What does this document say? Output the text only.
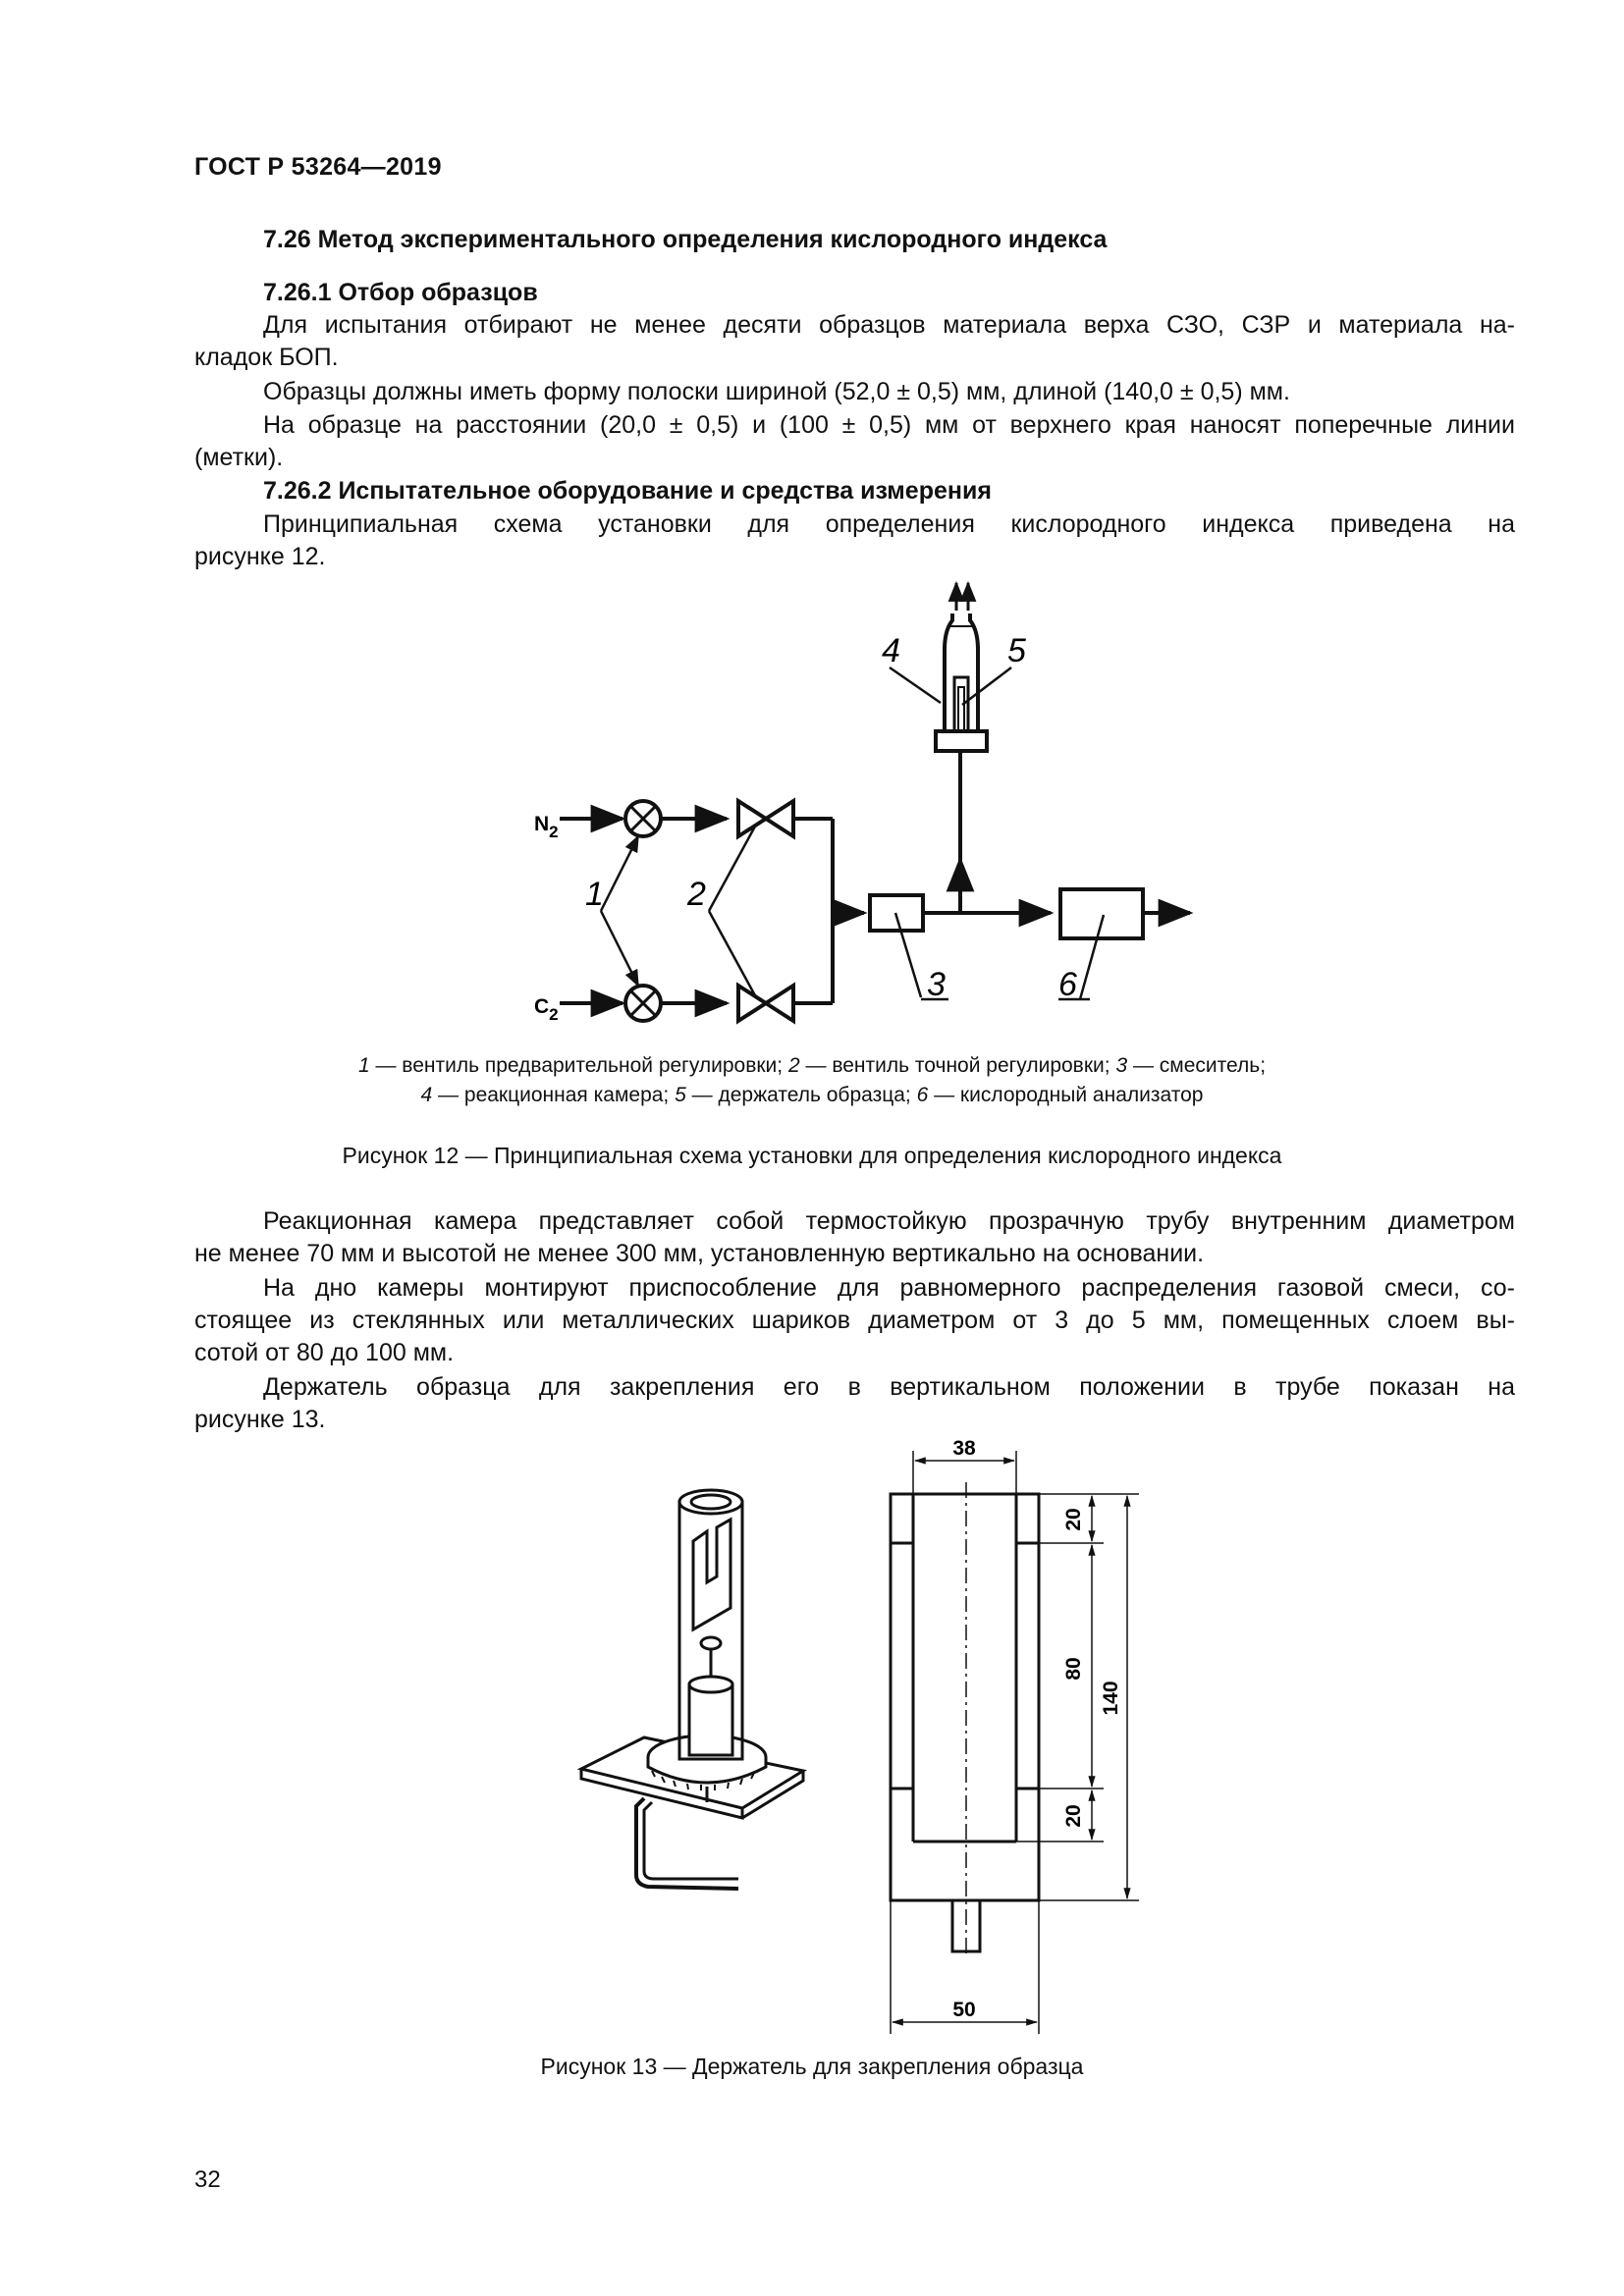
ГОСТ Р 53264—2019
7.26 Метод экспериментального определения кислородного индекса
7.26.1 Отбор образцов
Для испытания отбирают не менее десяти образцов материала верха СЗО, СЗР и материала на-
кладок БОП.
Образцы должны иметь форму полоски шириной (52,0 ± 0,5) мм, длиной (140,0 ± 0,5) мм.
На образце на расстоянии (20,0 ± 0,5) и (100 ± 0,5) мм от верхнего края наносят поперечные линии
(метки).
7.26.2 Испытательное оборудование и средства измерения
Принципиальная схема установки для определения кислородного индекса приведена на
рисунке 12.
$N_2$
$C_2$
1	2
3
4	5
6
1 — вентиль предварительной регулировки; 2 — вентиль точной регулировки; 3 — смеситель;
4 — реакционная камера; 5 — держатель образца; 6 — кислородный анализатор
Рисунок 12 — Принципиальная схема установки для определения кислородного индекса
Реакционная камера представляет собой термостойкую прозрачную трубу внутренним диаметром
не менее 70 мм и высотой не менее 300 мм, установленную вертикально на основании.
На дно камеры монтируют приспособление для равномерного распределения газовой смеси, со-
стоящее из стеклянных или металлических шариков диаметром от 3 до 5 мм, помещенных слоем вы-
сотой от 80 до 100 мм.
Держатель образца для закрепления его в вертикальном положении в трубе показан на
рисунке 13.
38
50
20
80
20
140
Рисунок 13 — Держатель для закрепления образца
32
